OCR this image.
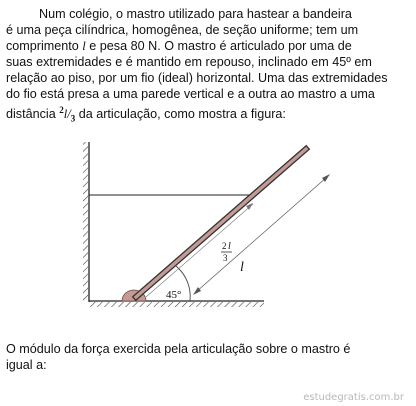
Num colégio, o mastro utilizado para hastear a bandeira
é uma peça cilíndrica, homogênea, de seção uniforme; tem um
comprimento l e pesa 80 N. O mastro é articulado por uma de
suas extremidades e é mantido em repouso, inclinado em 45º em
relação ao piso, por um fio (ideal) horizontal. Uma das extremidades
do fio está presa a uma parede vertical e a outra ao mastro a uma
distância $^2l/_3$ da articulação, como mostra a figura:
45°
2 l
3
l
O módulo da força exercida pela articulação sobre o mastro é
igual a:
estudegratis.com.br
